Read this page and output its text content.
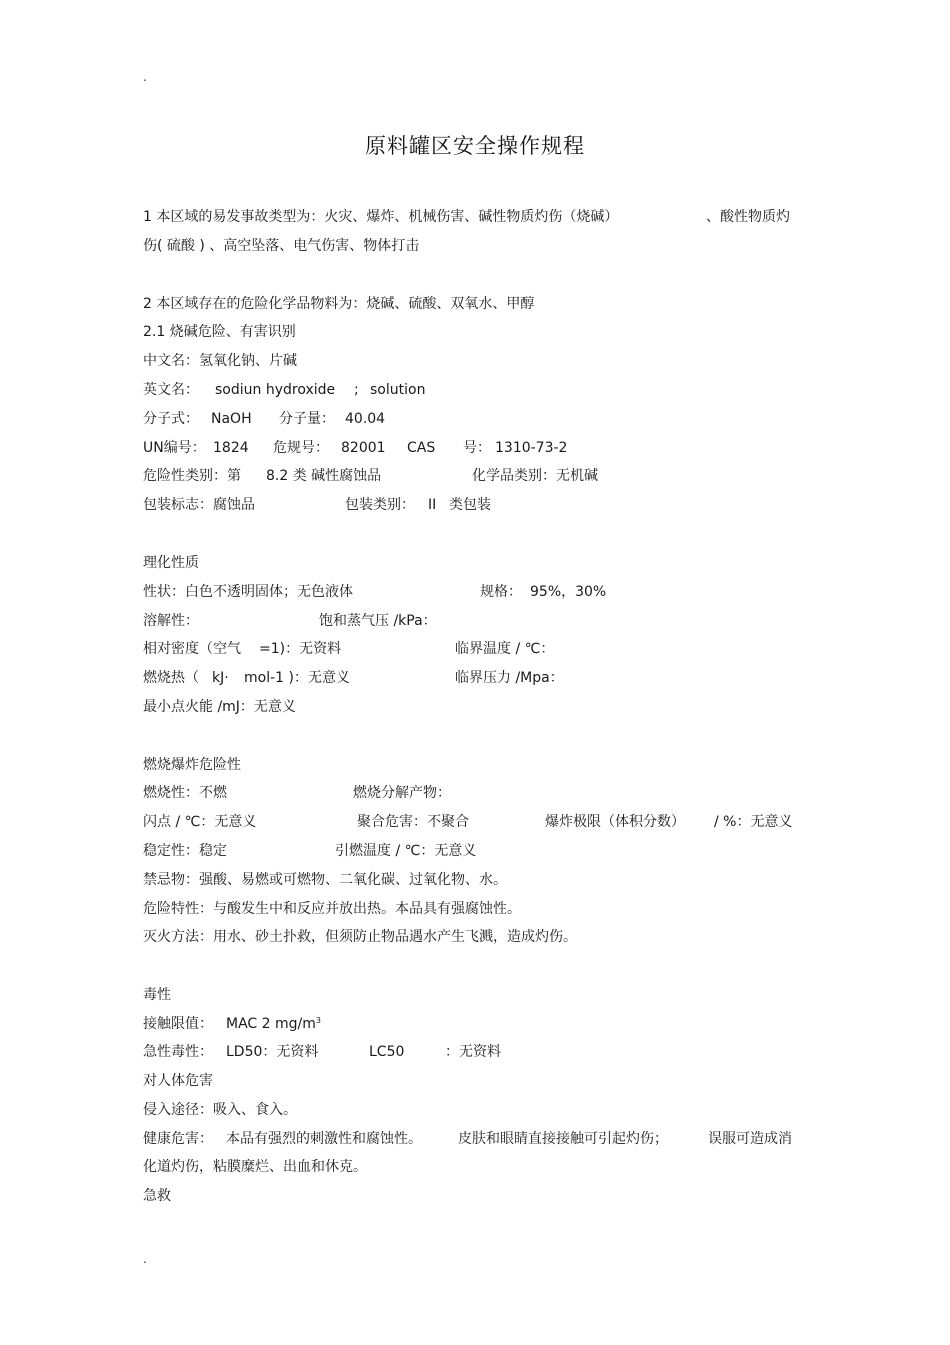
.
原料罐区安全操作规程
1 本区域的易发事故类型为：火灾、爆炸、机械伤害、碱性物质灼伤（烧碱）	、酸性物质灼
伤( 硫酸 ) 、高空坠落、电气伤害、物体打击
2 本区域存在的危险化学品物料为：烧碱、硫酸、双氧水、甲醇
2.1 烧碱危险、有害识别
中文名：氢氧化钠、片碱
英文名： sodiun hydroxide ; solution
分子式： NaOH 分子量： 40.04
UN编号： 1824 危规号： 82001 CAS 号： 1310-73-2
危险性类别：第 8.2 类 碱性腐蚀品	化学品类别：无机碱
包装标志：腐蚀品	包装类别： II 类包装
理化性质
性状：白色不透明固体；无色液体	规格： 95%，30%
溶解性：	饱和蒸气压 /kPa：
相对密度（空气 =1)：无资料	临界温度 / ℃：
燃烧热（ kJ· mol-1 )：无意义	临界压力 /Mpa：
最小点火能 /mJ：无意义
燃烧爆炸危险性
燃烧性：不燃	燃烧分解产物：
闪点 / ℃：无意义	聚合危害：不聚合	爆炸极限（体积分数） / %：无意义
稳定性：稳定	引燃温度 / ℃：无意义
禁忌物：强酸、易燃或可燃物、二氧化碳、过氧化物、水。
危险特性：与酸发生中和反应并放出热。本品具有强腐蚀性。
灭火方法：用水、砂土扑救，但须防止物品遇水产生飞溅，造成灼伤。
毒性
接触限值： MAC 2 $mg/m^3$
急性毒性： LD50：无资料	LC50	：无资料
对人体危害
侵入途径：吸入、食入。
健康危害： 本品有强烈的刺激性和腐蚀性。	皮肤和眼睛直接接触可引起灼伤；	误服可造成消
化道灼伤，粘膜糜烂、出血和休克。
急救
.
